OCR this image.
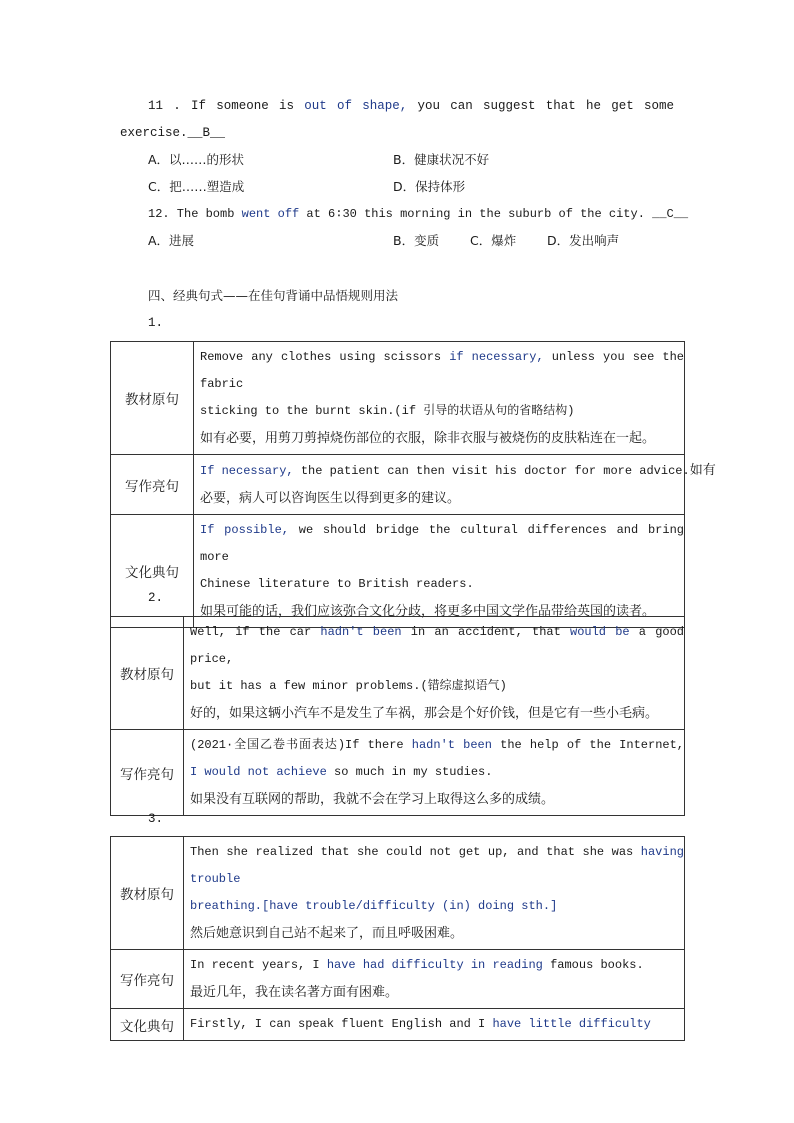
11 . If someone is out of shape, you can suggest that he get some
exercise.__B__
A．以……的形状	B．健康状况不好
C．把……塑造成	D．保持体形
12. The bomb went off at 6∶30 this morning in the suburb of the city. __C__
A．进展	B．变质 C．爆炸 D．发出响声
四、经典句式——在佳句背诵中品悟规则用法
1.
教材原句	Remove any clothes using scissors if necessary, unless you see the fabric
sticking to the burnt skin.(if 引导的状语从句的省略结构)
如有必要，用剪刀剪掉烧伤部位的衣服，除非衣服与被烧伤的皮肤粘连在一起。

写作亮句	If necessary, the patient can then visit his doctor for more advice.如有
必要，病人可以咨询医生以得到更多的建议。

文化典句	If possible, we should bridge the cultural differences and bring more
Chinese literature to British readers.
如果可能的话，我们应该弥合文化分歧，将更多中国文学作品带给英国的读者。
2.
教材原句	Well, if the car hadn't been in an accident, that would be a good price,
but it has a few minor problems.(错综虚拟语气)
好的，如果这辆小汽车不是发生了车祸，那会是个好价钱，但是它有一些小毛病。

写作亮句	(2021·全国乙卷书面表达)If there hadn't been the help of the Internet,
I would not achieve so much in my studies.
如果没有互联网的帮助，我就不会在学习上取得这么多的成绩。
3.
教材原句	Then she realized that she could not get up, and that she was having trouble
breathing.[have trouble/difficulty (in) doing sth.]
然后她意识到自己站不起来了，而且呼吸困难。

写作亮句	In recent years, I have had difficulty in reading famous books.
最近几年，我在读名著方面有困难。

文化典句	Firstly, I can speak fluent English and I have little difficulty
